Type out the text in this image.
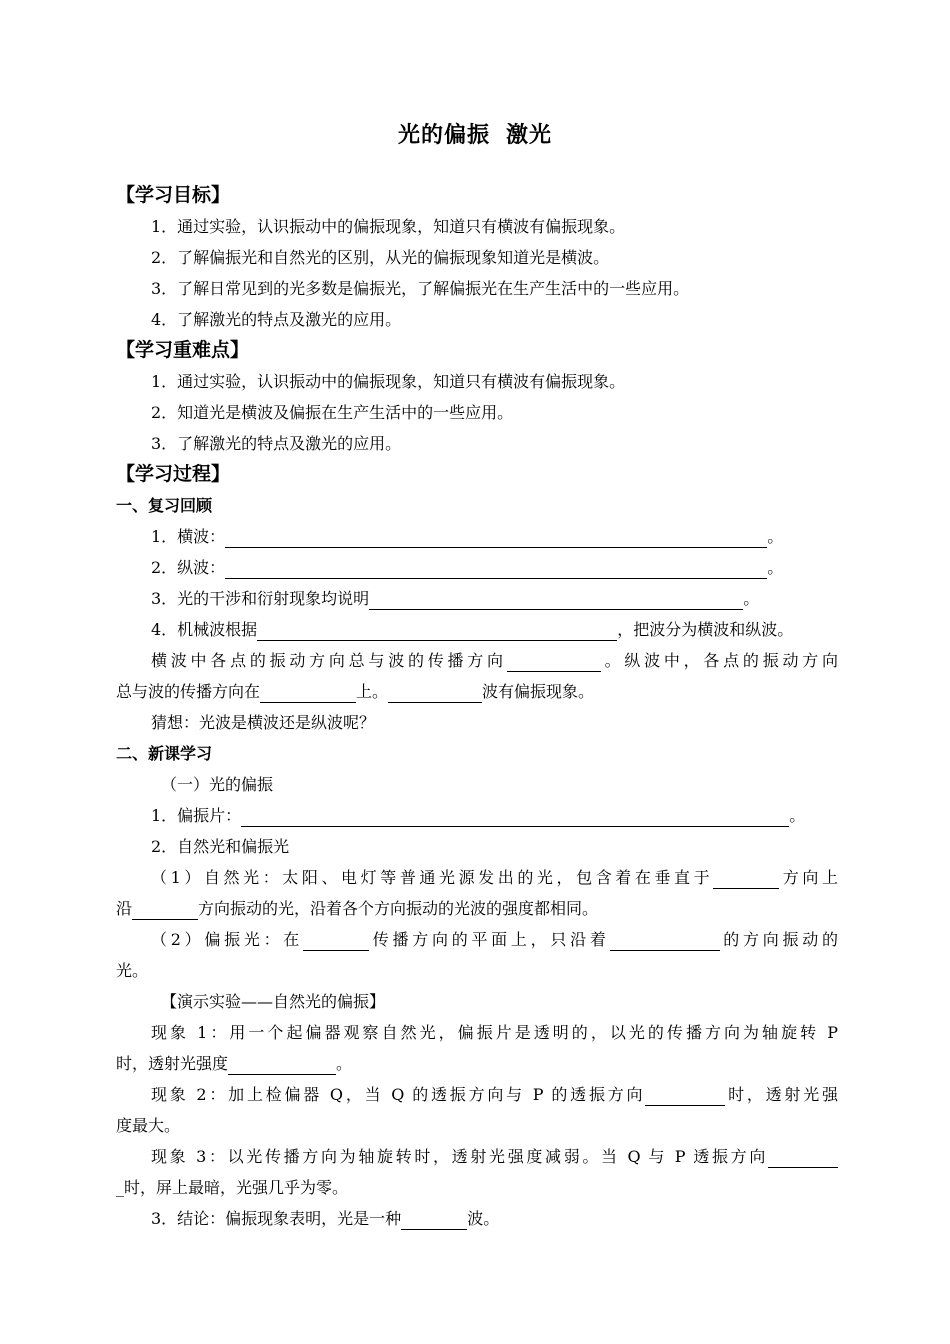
光的偏振 激光
【学习目标】
1．通过实验，认识振动中的偏振现象，知道只有横波有偏振现象。
2．了解偏振光和自然光的区别，从光的偏振现象知道光是横波。
3．了解日常见到的光多数是偏振光，了解偏振光在生产生活中的一些应用。
4．了解激光的特点及激光的应用。
【学习重难点】
1．通过实验，认识振动中的偏振现象，知道只有横波有偏振现象。
2．知道光是横波及偏振在生产生活中的一些应用。
3．了解激光的特点及激光的应用。
【学习过程】
一、复习回顾
1．横波：	。
2．纵波：	。
3．光的干涉和衍射现象均说明	。
4．机械波根据	，把波分为横波和纵波。
横波中各点的振动方向总与波的传播方向	。纵波中，各点的振动方向
总与波的传播方向在	上。	波有偏振现象。
猜想：光波是横波还是纵波呢？
二、新课学习
（一）光的偏振
1．偏振片：	。
2．自然光和偏振光
（1）自然光：太阳、电灯等普通光源发出的光，包含着在垂直于	方向上
沿	方向振动的光，沿着各个方向振动的光波的强度都相同。
（2）偏振光：在	传播方向的平面上，只沿着	的方向振动的
光。
【演示实验——自然光的偏振】
现象 1：用一个起偏器观察自然光，偏振片是透明的，以光的传播方向为轴旋转 P
时，透射光强度	。
现象 2：加上检偏器 Q，当 Q 的透振方向与 P 的透振方向	时，透射光强
度最大。
现象 3：以光传播方向为轴旋转时，透射光强度减弱。当 Q 与 P 透振方向
_时，屏上最暗，光强几乎为零。
3．结论：偏振现象表明，光是一种	波。
